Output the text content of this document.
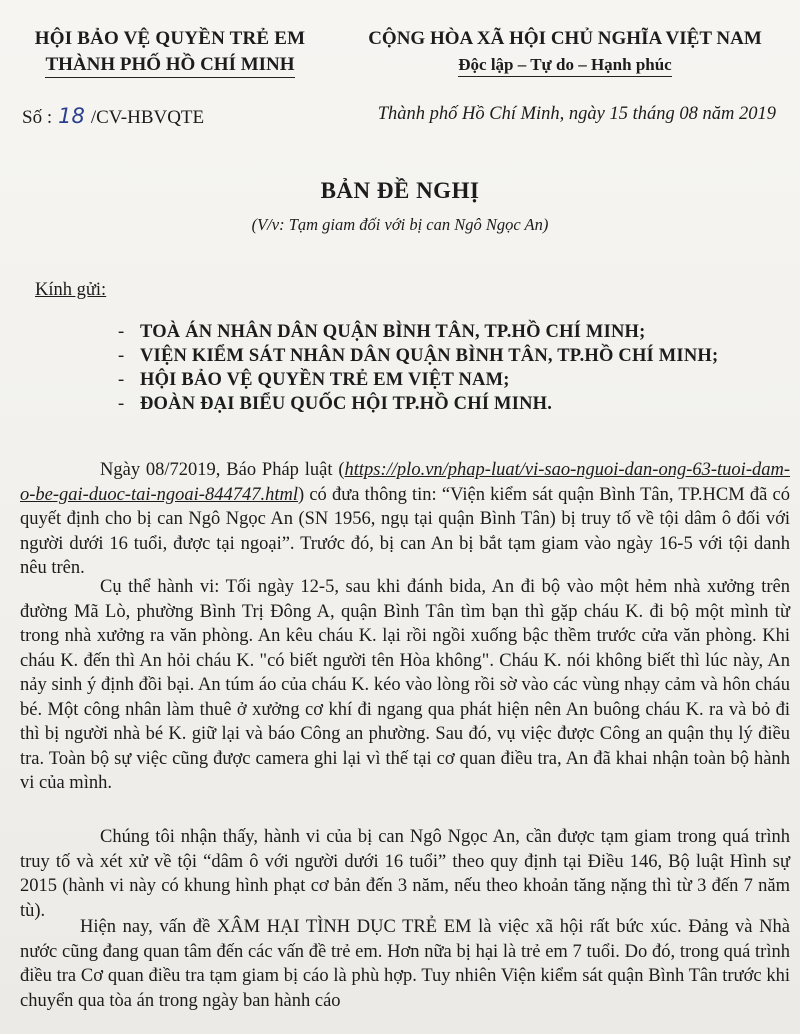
HỘI BẢO VỆ QUYỀN TRẺ EM
THÀNH PHỐ HỒ CHÍ MINH
CỘNG HÒA XÃ HỘI CHỦ NGHĨA VIỆT NAM
Độc lập – Tự do – Hạnh phúc
Số : 18 /CV-HBVQTE	Thành phố Hồ Chí Minh, ngày 15 tháng 08 năm 2019
BẢN ĐỀ NGHỊ
(V/v: Tạm giam đối với bị can Ngô Ngọc An)
Kính gửi:
- TOÀ ÁN NHÂN DÂN QUẬN BÌNH TÂN, TP.HỒ CHÍ MINH;
- VIỆN KIỂM SÁT NHÂN DÂN QUẬN BÌNH TÂN, TP.HỒ CHÍ MINH;
- HỘI BẢO VỆ QUYỀN TRẺ EM VIỆT NAM;
- ĐOÀN ĐẠI BIỂU QUỐC HỘI TP.HỒ CHÍ MINH.

Ngày 08/72019, Báo Pháp luật (https://plo.vn/phap-luat/vi-sao-nguoi-dan-ong-63-tuoi-dam-o-be-gai-duoc-tai-ngoai-844747.html) có đưa thông tin: “Viện kiểm sát quận Bình Tân, TP.HCM đã có quyết định cho bị can Ngô Ngọc An (SN 1956, ngụ tại quận Bình Tân) bị truy tố về tội dâm ô đối với người dưới 16 tuổi, được tại ngoại”. Trước đó, bị can An bị bắt tạm giam vào ngày 16-5 với tội danh nêu trên.

Cụ thể hành vi: Tối ngày 12-5, sau khi đánh bida, An đi bộ vào một hẻm nhà xưởng trên đường Mã Lò, phường Bình Trị Đông A, quận Bình Tân tìm bạn thì gặp cháu K. đi bộ một mình từ trong nhà xưởng ra văn phòng. An kêu cháu K. lại rồi ngồi xuống bậc thềm trước cửa văn phòng. Khi cháu K. đến thì An hỏi cháu K. "có biết người tên Hòa không". Cháu K. nói không biết thì lúc này, An nảy sinh ý định đồi bại. An túm áo của cháu K. kéo vào lòng rồi sờ vào các vùng nhạy cảm và hôn cháu bé. Một công nhân làm thuê ở xưởng cơ khí đi ngang qua phát hiện nên An buông cháu K. ra và bỏ đi thì bị người nhà bé K. giữ lại và báo Công an phường. Sau đó, vụ việc được Công an quận thụ lý điều tra. Toàn bộ sự việc cũng được camera ghi lại vì thế tại cơ quan điều tra, An đã khai nhận toàn bộ hành vi của mình.

Chúng tôi nhận thấy, hành vi của bị can Ngô Ngọc An, cần được tạm giam trong quá trình truy tố và xét xử về tội “dâm ô với người dưới 16 tuổi” theo quy định tại Điều 146, Bộ luật Hình sự 2015 (hành vi này có khung hình phạt cơ bản đến 3 năm, nếu theo khoản tăng nặng thì từ 3 đến 7 năm tù).

Hiện nay, vấn đề XÂM HẠI TÌNH DỤC TRẺ EM là việc xã hội rất bức xúc. Đảng và Nhà nước cũng đang quan tâm đến các vấn đề trẻ em. Hơn nữa bị hại là trẻ em 7 tuổi. Do đó, trong quá trình điều tra Cơ quan điều tra tạm giam bị cáo là phù hợp. Tuy nhiên Viện kiểm sát quận Bình Tân trước khi chuyển qua tòa án trong ngày ban hành cáo
